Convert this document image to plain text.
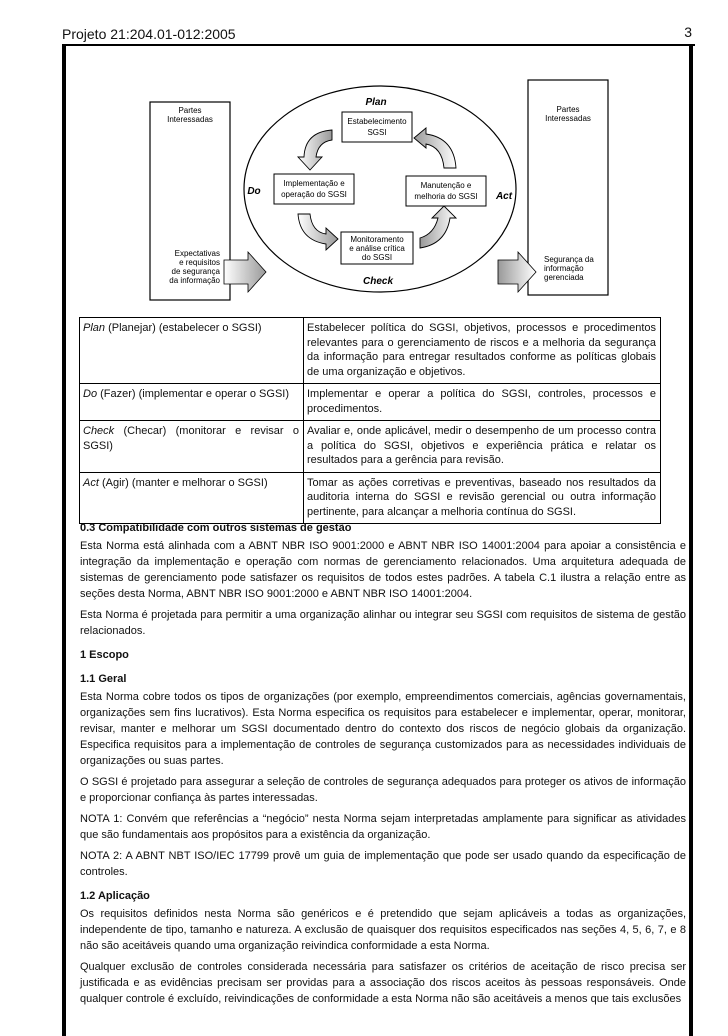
Projeto 21:204.01-012:2005	3
Partes
Interessadas
Expectativas
e requisitos
de segurança
da informação
Partes
Interessadas
Segurança da
informação
gerenciada
Plan
Do	Act
Check
Estabelecimento
SGSI
Implementação e
operação do SGSI
Manutenção e
melhoria do SGSI
Monitoramento
e análise crítica
do SGSI
Plan (Planejar) (estabelecer o SGSI)	Estabelecer política do SGSI, objetivos, processos e procedimentos relevantes para o gerenciamento de riscos e a melhoria da segurança da informação para entregar resultados conforme as políticas globais de uma organização e objetivos.
Do (Fazer) (implementar e operar o SGSI)	Implementar e operar a política do SGSI, controles, processos e procedimentos.
Check (Checar) (monitorar e revisar o SGSI)	Avaliar e, onde aplicável, medir o desempenho de um processo contra a política do SGSI, objetivos e experiência prática e relatar os resultados para a gerência para revisão.
Act (Agir) (manter e melhorar o SGSI)	Tomar as ações corretivas e preventivas, baseado nos resultados da auditoria interna do SGSI e revisão gerencial ou outra informação pertinente, para alcançar a melhoria contínua do SGSI.
0.3 Compatibilidade com outros sistemas de gestão

Esta Norma está alinhada com a ABNT NBR ISO 9001:2000 e ABNT NBR ISO 14001:2004 para apoiar a consistência e integração da implementação e operação com normas de gerenciamento relacionados. Uma arquitetura adequada de sistemas de gerenciamento pode satisfazer os requisitos de todos estes padrões. A tabela C.1 ilustra a relação entre as seções desta Norma, ABNT NBR ISO 9001:2000 e ABNT NBR ISO 14001:2004.

Esta Norma é projetada para permitir a uma organização alinhar ou integrar seu SGSI com requisitos de sistema de gestão relacionados.

1 Escopo
1.1 Geral

Esta Norma cobre todos os tipos de organizações (por exemplo, empreendimentos comerciais, agências governamentais, organizações sem fins lucrativos). Esta Norma especifica os requisitos para estabelecer e implementar, operar, monitorar, revisar, manter e melhorar um SGSI documentado dentro do contexto dos riscos de negócio globais da organização. Especifica requisitos para a implementação de controles de segurança customizados para as necessidades individuais de organizações ou suas partes.

O SGSI é projetado para assegurar a seleção de controles de segurança adequados para proteger os ativos de informação e proporcionar confiança às partes interessadas.

NOTA 1: Convém que referências a “negócio” nesta Norma sejam interpretadas amplamente para significar as atividades que são fundamentais aos propósitos para a existência da organização.

NOTA 2: A ABNT NBT ISO/IEC 17799 provê um guia de implementação que pode ser usado quando da especificação de controles.

1.2 Aplicação

Os requisitos definidos nesta Norma são genéricos e é pretendido que sejam aplicáveis a todas as organizações, independente de tipo, tamanho e natureza. A exclusão de quaisquer dos requisitos especificados nas seções 4, 5, 6, 7, e 8 não são aceitáveis quando uma organização reivindica conformidade a esta Norma.

Qualquer exclusão de controles considerada necessária para satisfazer os critérios de aceitação de risco precisa ser justificada e as evidências precisam ser providas para a associação dos riscos aceitos às pessoas responsáveis. Onde qualquer controle é excluído, reivindicações de conformidade a esta Norma não são aceitáveis a menos que tais exclusões
